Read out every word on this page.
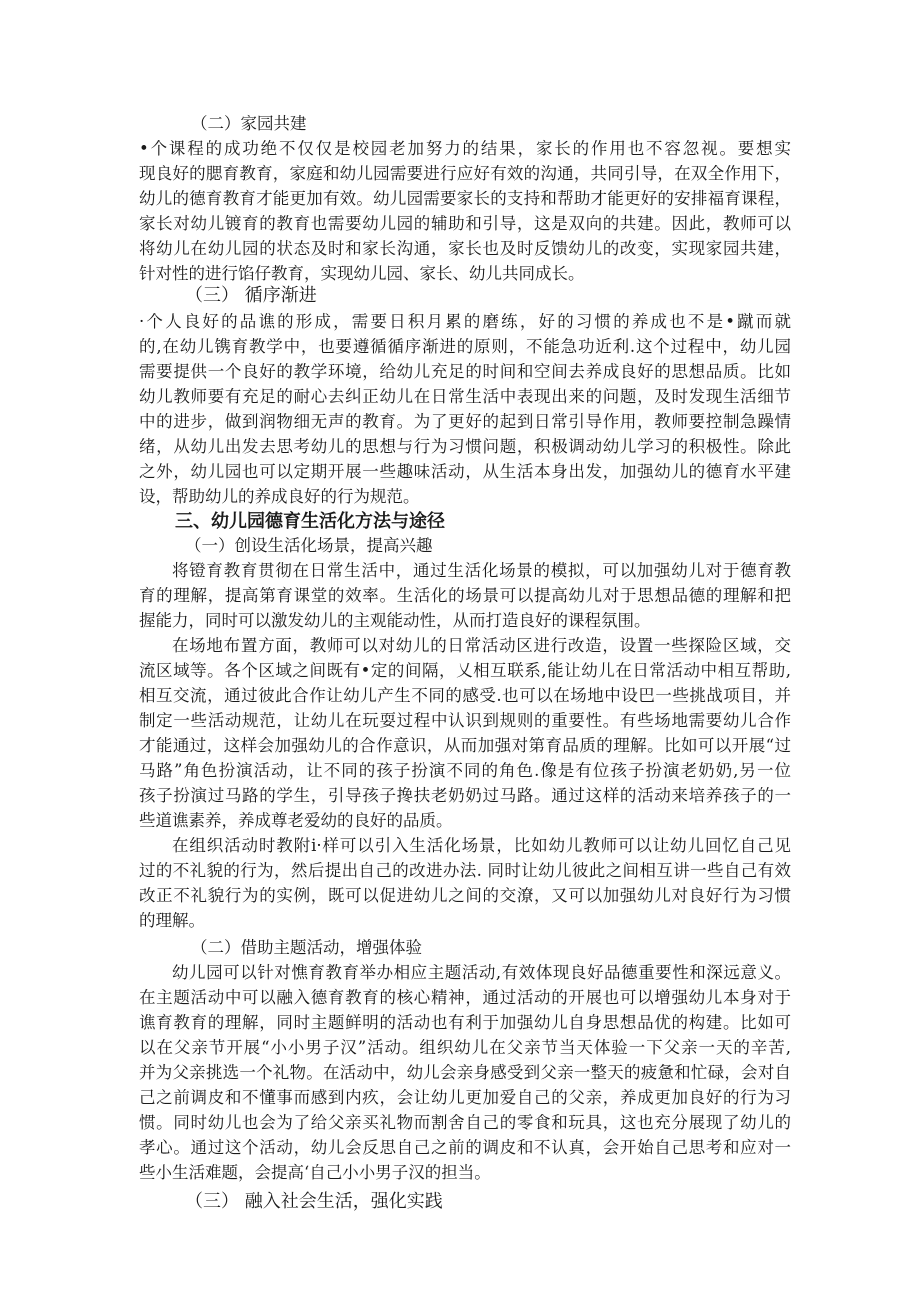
（二）家园共建
•个课程的成功绝不仅仅是校园老加努力的结果，家长的作用也不容忽视。要想实
现良好的腮育教育，家庭和幼儿园需要进行应好有效的沟通，共同引导，在双全作用下，
幼儿的德育教育才能更加有效。幼儿园需要家长的支持和帮助才能更好的安排福育课程，
家长对幼儿镀育的教育也需要幼儿园的辅助和引导，这是双向的共建。因此，教师可以
将幼儿在幼儿园的状态及时和家长沟通，家长也及时反馈幼儿的改变，实现家园共建，
针对性的进行馅仔教育，实现幼儿园、家长、幼儿共同成长。
（三） 循序渐进
·个人良好的品谯的形成，需要日积月累的磨练，好的习惯的养成也不是•蹴而就
的,在幼儿镌育教学中，也要遵循循序渐进的原则，不能急功近利.这个过程中，幼儿园
需要提供一个良好的教学环境，给幼儿充足的时间和空间去养成良好的思想品质。比如
幼儿教师要有充足的耐心去纠正幼儿在日常生活中表现出来的问题，及时发现生活细节
中的进步，做到润物细无声的教育。为了更好的起到日常引导作用，教师要控制急躁情
绪，从幼儿出发去思考幼儿的思想与行为习惯问题，积极调动幼儿学习的积极性。除此
之外，幼儿园也可以定期开展一些趣味活动，从生活本身出发，加强幼儿的德育水平建
设，帮助幼儿的养成良好的行为规范。
三、幼儿园德育生活化方法与途径
（一）创设生活化场景，提高兴趣
将镫育教育贯彻在日常生活中，通过生活化场景的模拟，可以加强幼儿对于德育教
育的理解，提高第育课堂的效率。生活化的场景可以提高幼儿对于思想品德的理解和把
握能力，同时可以激发幼儿的主观能动性，从而打造良好的课程氛围。
在场地布置方面，教师可以对幼儿的日常活动区进行改造，设置一些探险区域，交
流区域等。各个区域之间既有•定的间隔，乂相互联系,能让幼儿在日常活动中相互帮助,
相互交流，通过彼此合作让幼儿产生不同的感受.也可以在场地中设巴一些挑战项目，并
制定一些活动规范，让幼儿在玩耍过程中认识到规则的重要性。有些场地需要幼儿合作
才能通过，这样会加强幼儿的合作意识，从而加强对第育品质的理解。比如可以开展“过
马路”角色扮演活动，让不同的孩子扮演不同的角色.像是有位孩子扮演老奶奶,另一位
孩子扮演过马路的学生，引导孩子搀扶老奶奶过马路。通过这样的活动来培养孩子的一
些道谯素养，养成尊老爱幼的良好的品质。
在组织活动时教附i·样可以引入生活化场景，比如幼儿教师可以让幼儿回忆自己见
过的不礼貌的行为，然后提出自己的改进办法. 同时让幼儿彼此之间相互讲一些自己有效
改正不礼貌行为的实例，既可以促进幼儿之间的交潦，又可以加强幼儿对良好行为习惯
的理解。
（二）借助主题活动，增强体验
幼儿园可以针对憔育教育举办相应主题活动,有效体现良好品德重要性和深远意义。
在主题活动中可以融入德育教育的核心精神，通过活动的开展也可以增强幼儿本身对于
谯育教育的理解，同时主题鲜明的活动也有利于加强幼儿自身思想品优的构建。比如可
以在父亲节开展“小小男子汉”活动。组织幼儿在父亲节当天体验一下父亲一天的辛苦,
并为父亲挑选一个礼物。在活动中，幼儿会亲身感受到父亲一整天的疲惫和忙碌，会对自
己之前调皮和不懂事而感到内疚，会让幼儿更加爱自己的父亲，养成更加良好的行为习
惯。同时幼儿也会为了给父亲买礼物而割舍自己的零食和玩具，这也充分展现了幼儿的
孝心。通过这个活动，幼儿会反思自己之前的调皮和不认真，会开始自己思考和应对一
些小生活难题，会提高‘自己小小男子汉的担当。
（三） 融入社会生活，强化实践
